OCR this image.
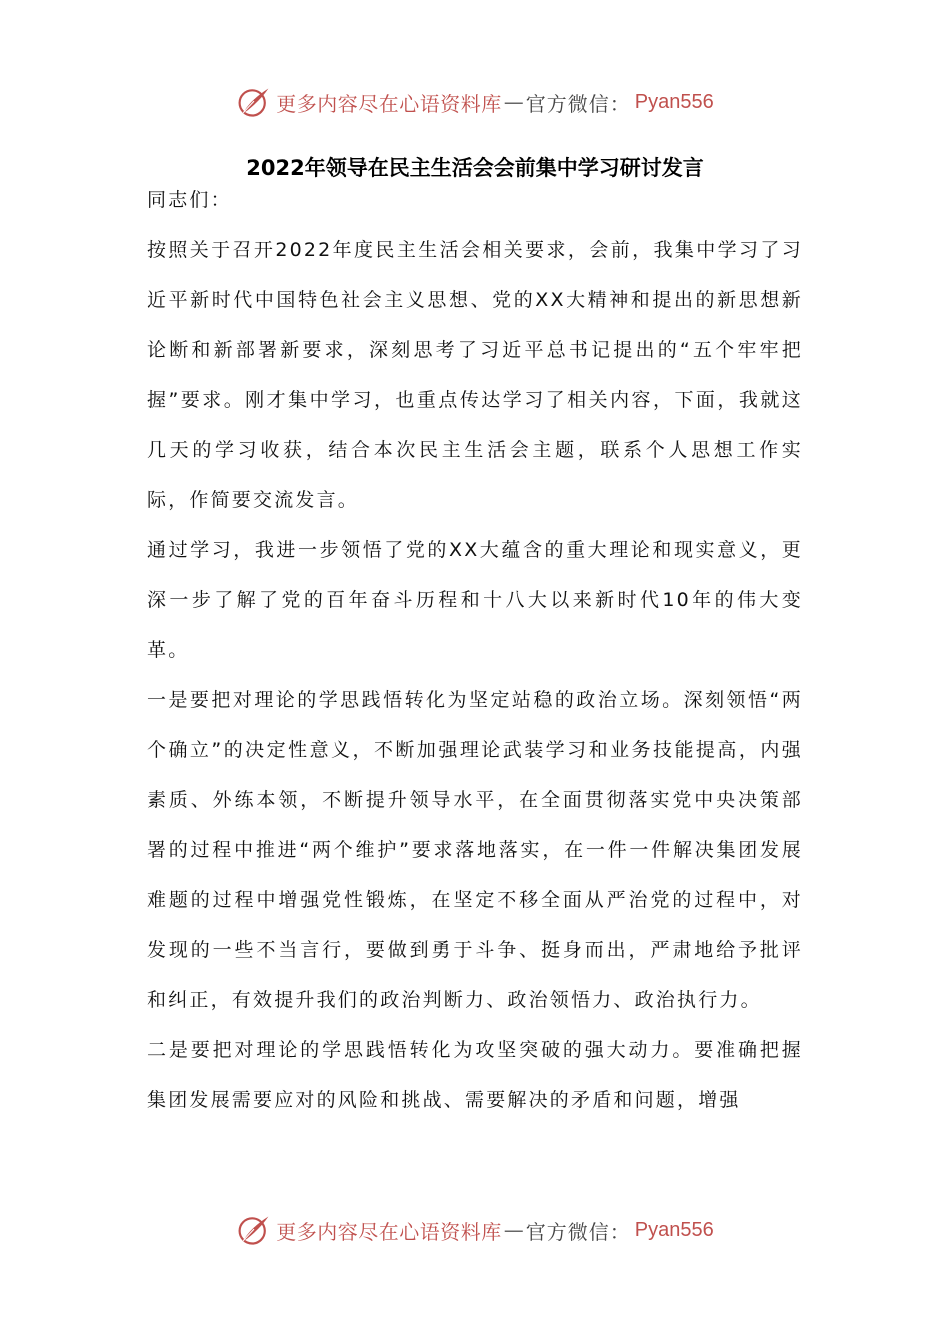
更多内容尽在心语资料库 — 官方微信： Pyan556
2022年领导在民主生活会会前集中学习研讨发言

同志们：

按照关于召开2022年度民主生活会相关要求，会前，我集中学习了习近平新时代中国特色社会主义思想、党的XX大精神和提出的新思想新论断和新部署新要求，深刻思考了习近平总书记提出的“五个牢牢把握”要求。刚才集中学习，也重点传达学习了相关内容，下面，我就这几天的学习收获，结合本次民主生活会主题，联系个人思想工作实际，作简要交流发言。

通过学习，我进一步领悟了党的XX大蕴含的重大理论和现实意义，更深一步了解了党的百年奋斗历程和十八大以来新时代10年的伟大变革。

一是要把对理论的学思践悟转化为坚定站稳的政治立场。深刻领悟“两个确立”的决定性意义，不断加强理论武装学习和业务技能提高，内强素质、外练本领，不断提升领导水平，在全面贯彻落实党中央决策部署的过程中推进“两个维护”要求落地落实，在一件一件解决集团发展难题的过程中增强党性锻炼，在坚定不移全面从严治党的过程中，对发现的一些不当言行，要做到勇于斗争、挺身而出，严肃地给予批评和纠正，有效提升我们的政治判断力、政治领悟力、政治执行力。

二是要把对理论的学思践悟转化为攻坚突破的强大动力。要准确把握集团发展需要应对的风险和挑战、需要解决的矛盾和问题，增强

更多内容尽在心语资料库 — 官方微信： Pyan556
